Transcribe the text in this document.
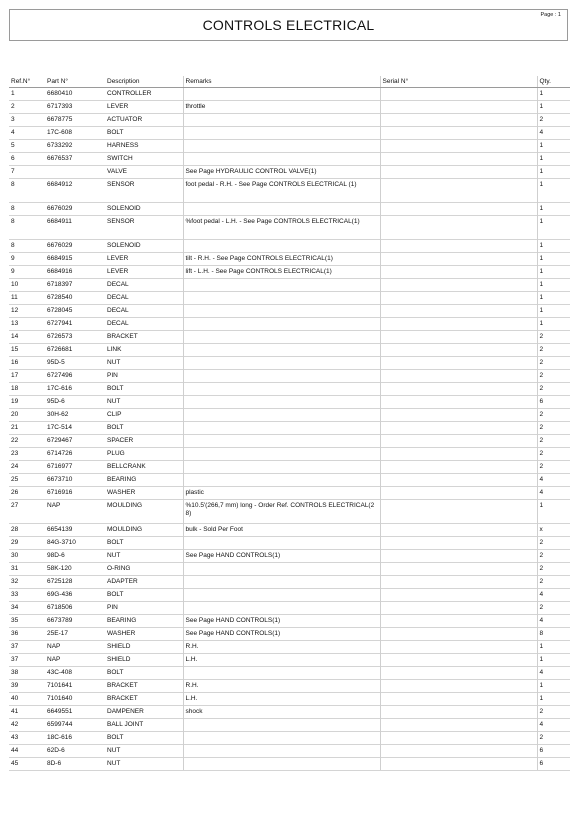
CONTROLS ELECTRICAL
Page : 1
Ref.N°	Part N°	Description	Remarks	Serial N°	Qty.
1	6680410	CONTROLLER			1
2	6717393	LEVER	throttle		1
3	6678775	ACTUATOR			2
4	17C-608	BOLT			4
5	6733292	HARNESS			1
6	6676537	SWITCH			1
7		VALVE	See Page HYDRAULIC CONTROL VALVE(1)		1
8	6684912	SENSOR	foot pedal - R.H. - See Page CONTROLS ELECTRICAL (1)		1
8	6676029	SOLENOID			1
8	6684911	SENSOR	%foot pedal - L.H. - See Page CONTROLS ELECTRICAL(1)		1
8	6676029	SOLENOID			1
9	6684915	LEVER	tilt - R.H. - See Page CONTROLS ELECTRICAL(1)		1
9	6684916	LEVER	lift - L.H. - See Page CONTROLS ELECTRICAL(1)		1
10	6718397	DECAL			1
11	6728540	DECAL			1
12	6728045	DECAL			1
13	6727941	DECAL			1
14	6726573	BRACKET			2
15	6726681	LINK			2
16	95D-5	NUT			2
17	6727496	PIN			2
18	17C-616	BOLT			2
19	95D-6	NUT			6
20	30H-62	CLIP			2
21	17C-514	BOLT			2
22	6729467	SPACER			2
23	6714726	PLUG			2
24	6716977	BELLCRANK			2
25	6673710	BEARING			4
26	6716916	WASHER	plastic		4
27	NAP	MOULDING	%10.5'(266,7 mm) long - Order Ref. CONTROLS ELECTRICAL(28)		1
28	6654139	MOULDING	bulk - Sold Per Foot		x
29	84G-3710	BOLT			2
30	98D-6	NUT	See Page HAND CONTROLS(1)		2
31	58K-120	O-RING			2
32	6725128	ADAPTER			2
33	69G-436	BOLT			4
34	6718506	PIN			2
35	6673789	BEARING	See Page HAND CONTROLS(1)		4
36	25E-17	WASHER	See Page HAND CONTROLS(1)		8
37	NAP	SHIELD	R.H.		1
37	NAP	SHIELD	L.H.		1
38	43C-408	BOLT			4
39	7101641	BRACKET	R.H.		1
40	7101640	BRACKET	L.H.		1
41	6649551	DAMPENER	shock		2
42	6599744	BALL JOINT			4
43	18C-616	BOLT			2
44	62D-6	NUT			6
45	8D-6	NUT			6
